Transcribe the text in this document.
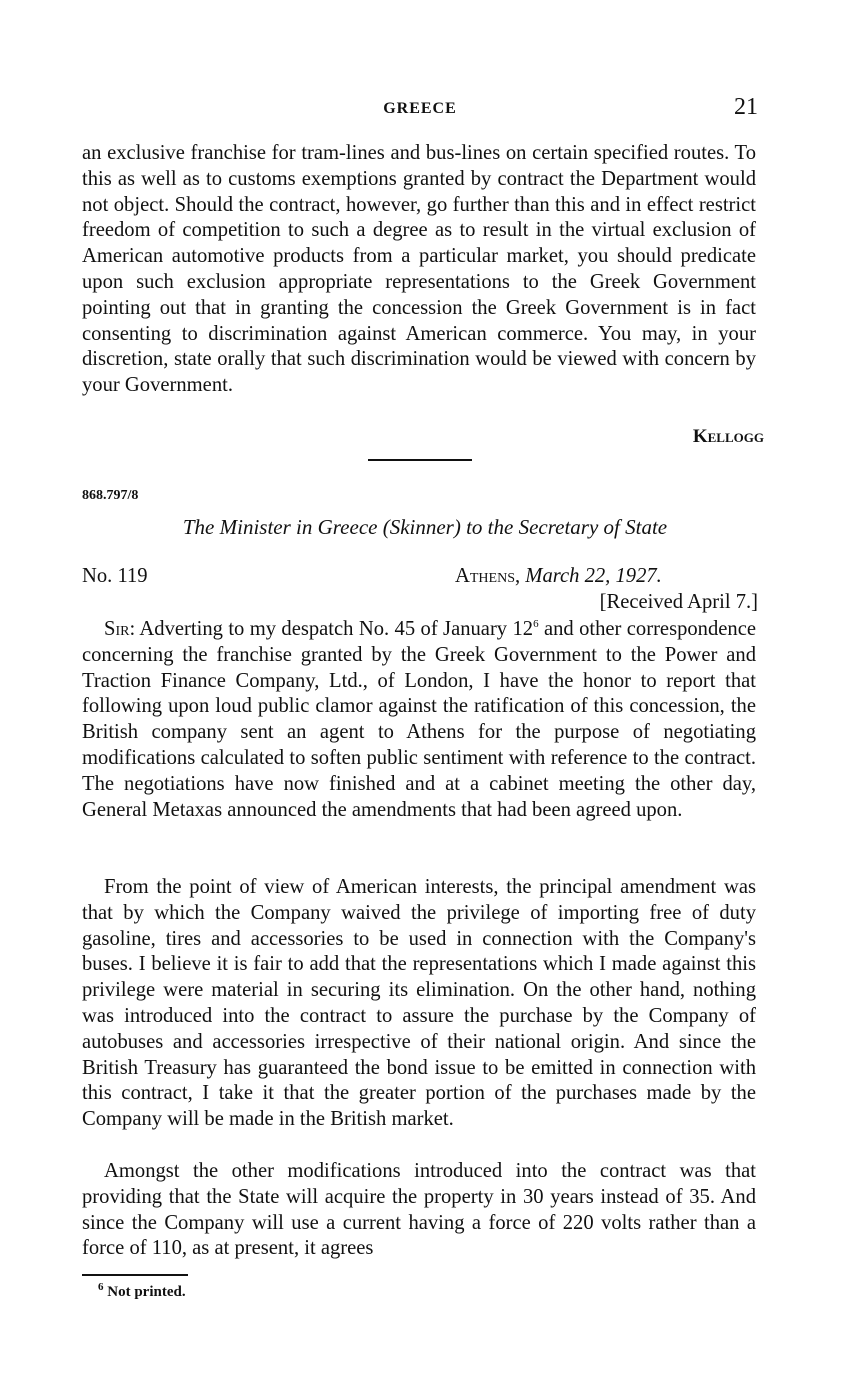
GREECE	21

an exclusive franchise for tram-lines and bus-lines on certain specified routes. To this as well as to customs exemptions granted by contract the Department would not object. Should the contract, however, go further than this and in effect restrict freedom of competition to such a degree as to result in the virtual exclusion of American automotive products from a particular market, you should predicate upon such exclusion appropriate representations to the Greek Government pointing out that in granting the concession the Greek Government is in fact consenting to discrimination against American commerce. You may, in your discretion, state orally that such discrimination would be viewed with concern by your Government.

Kellogg
868.797/8
The Minister in Greece (Skinner) to the Secretary of State
No. 119	Athens, March 22, 1927.
[Received April 7.]

Sir: Adverting to my despatch No. 45 of January $12^6$ and other correspondence concerning the franchise granted by the Greek Government to the Power and Traction Finance Company, Ltd., of London, I have the honor to report that following upon loud public clamor against the ratification of this concession, the British company sent an agent to Athens for the purpose of negotiating modifications calculated to soften public sentiment with reference to the contract. The negotiations have now finished and at a cabinet meeting the other day, General Metaxas announced the amendments that had been agreed upon.

From the point of view of American interests, the principal amendment was that by which the Company waived the privilege of importing free of duty gasoline, tires and accessories to be used in connection with the Company's buses. I believe it is fair to add that the representations which I made against this privilege were material in securing its elimination. On the other hand, nothing was introduced into the contract to assure the purchase by the Company of autobuses and accessories irrespective of their national origin. And since the British Treasury has guaranteed the bond issue to be emitted in connection with this contract, I take it that the greater portion of the purchases made by the Company will be made in the British market.

Amongst the other modifications introduced into the contract was that providing that the State will acquire the property in 30 years instead of 35. And since the Company will use a current having a force of 220 volts rather than a force of 110, as at present, it agrees

$^6$ Not printed.
